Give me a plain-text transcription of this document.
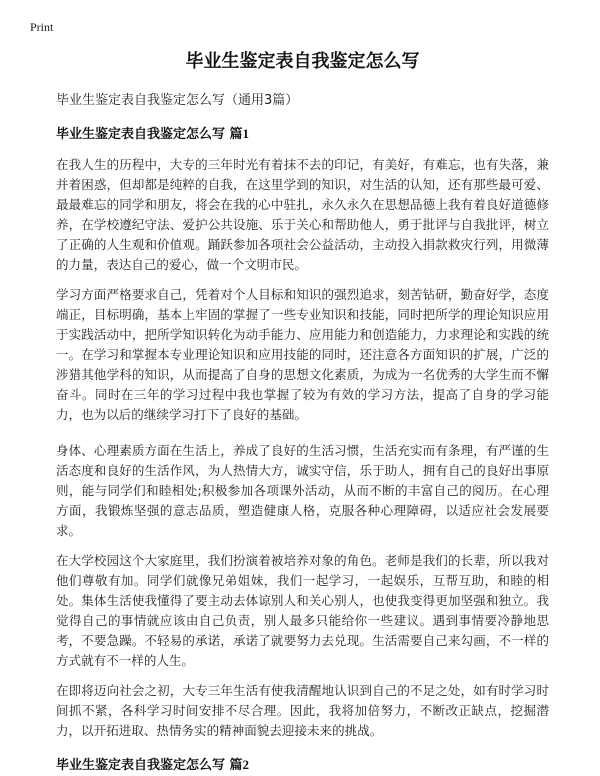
Print
毕业生鉴定表自我鉴定怎么写
毕业生鉴定表自我鉴定怎么写（通用3篇）
毕业生鉴定表自我鉴定怎么写 篇1

在我人生的历程中，大专的三年时光有着抹不去的印记，有美好，有难忘，也有失落，兼并着困惑，但却都是纯粹的自我，在这里学到的知识，对生活的认知，还有那些最可爱、最最难忘的同学和朋友，将会在我的心中驻扎，永久永久在思想品德上我有着良好道德修养，在学校遵纪守法、爱护公共设施、乐于关心和帮助他人，勇于批评与自我批评，树立了正确的人生观和价值观。踊跃参加各项社会公益活动，主动投入捐款救灾行列，用微薄的力量，表达自己的爱心，做一个文明市民。

学习方面严格要求自己，凭着对个人目标和知识的强烈追求，刻苦钻研，勤奋好学，态度端正，目标明确，基本上牢固的掌握了一些专业知识和技能，同时把所学的理论知识应用于实践活动中，把所学知识转化为动手能力、应用能力和创造能力，力求理论和实践的统一。在学习和掌握本专业理论知识和应用技能的同时，还注意各方面知识的扩展，广泛的涉猎其他学科的知识，从而提高了自身的思想文化素质，为成为一名优秀的大学生而不懈奋斗。同时在三年的学习过程中我也掌握了较为有效的学习方法，提高了自身的学习能力，也为以后的继续学习打下了良好的基础。

身体、心理素质方面在生活上，养成了良好的生活习惯，生活充实而有条理，有严谨的生活态度和良好的生活作风，为人热情大方，诚实守信，乐于助人，拥有自己的良好出事原则，能与同学们和睦相处;积极参加各项课外活动，从而不断的丰富自己的阅历。在心理方面，我锻炼坚强的意志品质，塑造健康人格，克服各种心理障碍，以适应社会发展要求。

在大学校园这个大家庭里，我们扮演着被培养对象的角色。老师是我们的长辈，所以我对他们尊敬有加。同学们就像兄弟姐妹，我们一起学习，一起娱乐，互帮互助，和睦的相处。集体生活使我懂得了要主动去体谅别人和关心别人，也使我变得更加坚强和独立。我觉得自己的事情就应该由自己负责，别人最多只能给你一些建议。遇到事情要冷静地思考，不要急躁。不轻易的承诺，承诺了就要努力去兑现。生活需要自己来勾画，不一样的方式就有不一样的人生。

在即将迈向社会之初，大专三年生活有使我清醒地认识到自己的不足之处，如有时学习时间抓不紧，各科学习时间安排不尽合理。因此，我将加倍努力，不断改正缺点，挖掘潜力，以开拓进取、热情务实的精神面貌去迎接未来的挑战。

毕业生鉴定表自我鉴定怎么写 篇2
